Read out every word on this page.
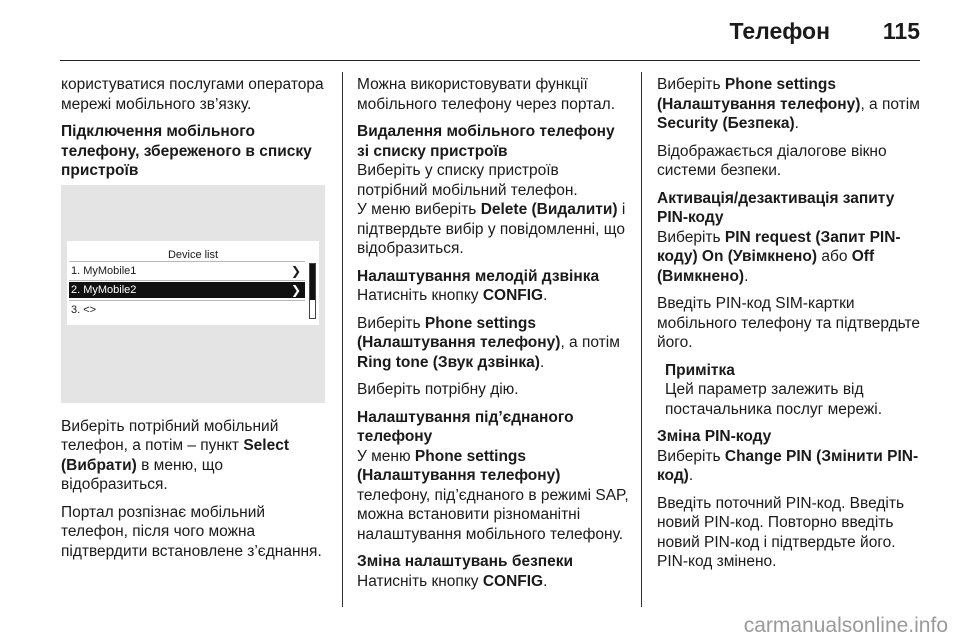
Телефон 115

користуватися послугами оператора мережі мобільного зв’язку.

Підключення мобільного телефону, збереженого в списку пристроїв

Device list
1. MyMobile1	❯
2. MyMobile2	❯
3. <>

Виберіть потрібний мобільний телефон, а потім – пункт Select (Вибрати) в меню, що відобразиться.

Портал розпізнає мобільний телефон, після чого можна підтвердити встановлене з’єднання.

Можна використовувати функції мобільного телефону через портал.

Видалення мобільного телефону зі списку пристроїв

Виберіть у списку пристроїв потрібний мобільний телефон.

У меню виберіть Delete (Видалити) і підтвердьте вибір у повідомленні, що відобразиться.

Налаштування мелодій дзвінка

Натисніть кнопку CONFIG.

Виберіть Phone settings (Налаштування телефону), а потім Ring tone (Звук дзвінка).

Виберіть потрібну дію.

Налаштування під’єднаного телефону

У меню Phone settings (Налаштування телефону) телефону, під’єднаного в режимі SAP, можна встановити різноманітні налаштування мобільного телефону.

Зміна налаштувань безпеки

Натисніть кнопку CONFIG.

Виберіть Phone settings (Налаштування телефону), а потім Security (Безпека).

Відображається діалогове вікно системи безпеки.

Активація/дезактивація запиту PIN-коду

Виберіть PIN request (Запит PIN-коду) On (Увімкнено) або Off (Вимкнено).

Введіть PIN-код SIM-картки мобільного телефону та підтвердьте його.

Примітка

Цей параметр залежить від постачальника послуг мережі.

Зміна PIN-коду

Виберіть Change PIN (Змінити PIN-код).

Введіть поточний PIN-код. Введіть новий PIN-код. Повторно введіть новий PIN-код і підтвердьте його. PIN-код змінено.

carmanualsonline.info
